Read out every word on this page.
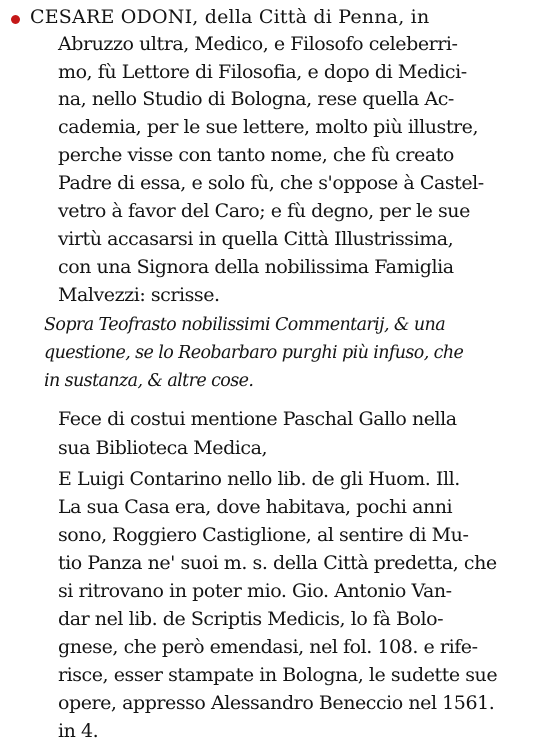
CESARE ODONI, della Città di Penna, in
Abruzzo ultra, Medico, e Filosofo celeberri-
mo, fù Lettore di Filosofia, e dopo di Medici-
na, nello Studio di Bologna, rese quella Ac-
cademia, per le sue lettere, molto più illustre,
perche visse con tanto nome, che fù creato
Padre di essa, e solo fù, che s'oppose à Castel-
vetro à favor del Caro; e fù degno, per le sue
virtù accasarsi in quella Città Illustrissima,
con una Signora della nobilissima Famiglia
Malvezzi: scrisse.
Sopra Teofrasto nobilissimi Commentarij, & una
questione, se lo Reobarbaro purghi più infuso, che
in sustanza, & altre cose.
Fece di costui mentione Paschal Gallo nella
sua Biblioteca Medica,
E Luigi Contarino nello lib. de gli Huom. Ill.
La sua Casa era, dove habitava, pochi anni
sono, Roggiero Castiglione, al sentire di Mu-
tio Panza ne' suoi m. s. della Città predetta, che
si ritrovano in poter mio. Gio. Antonio Van-
dar nel lib. de Scriptis Medicis, lo fà Bolo-
gnese, che però emendasi, nel fol. 108. e rife-
risce, esser stampate in Bologna, le sudette sue
opere, appresso Alessandro Beneccio nel 1561.
in 4.
